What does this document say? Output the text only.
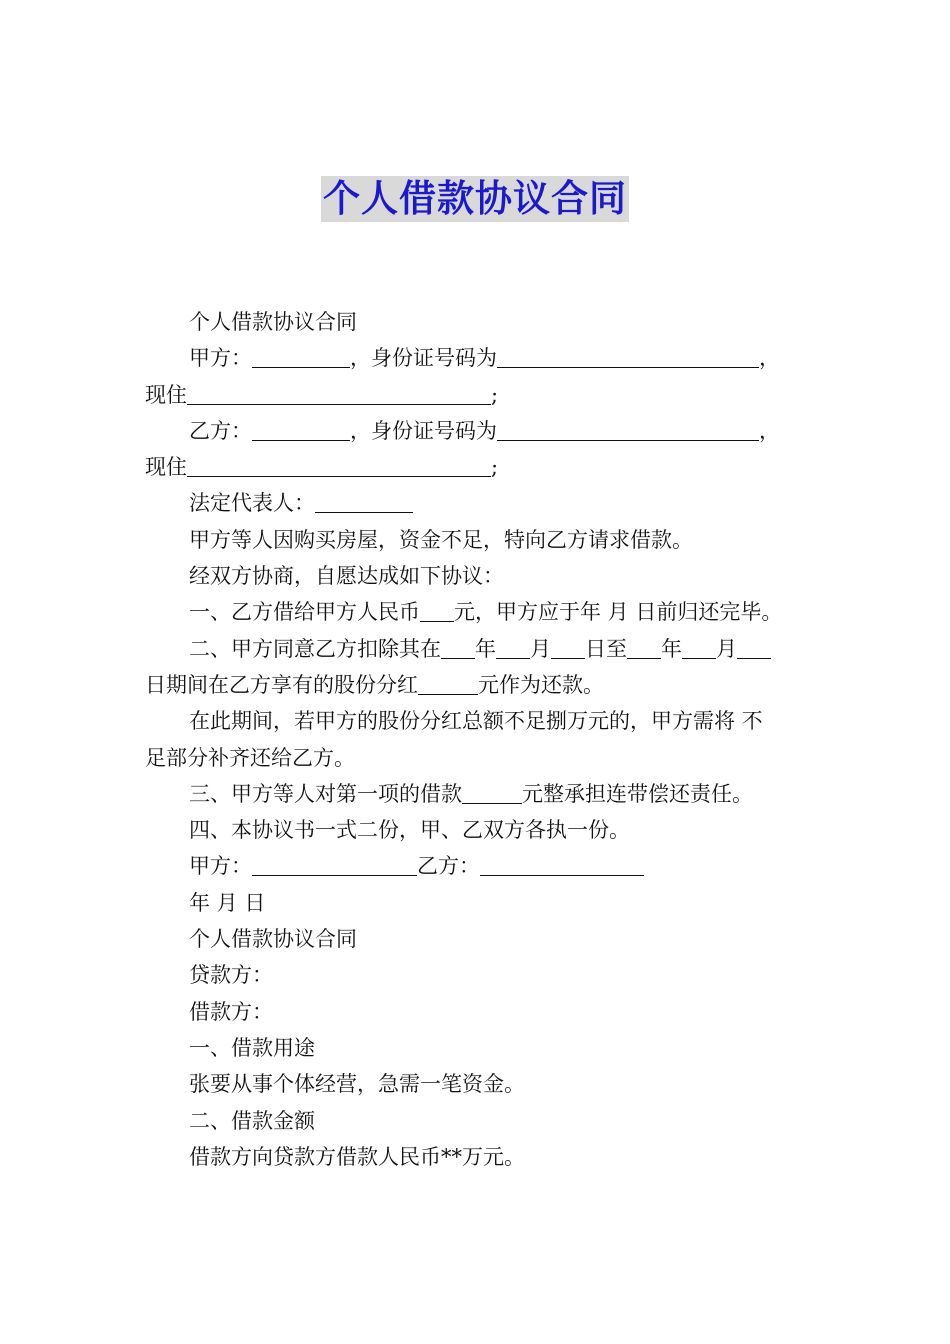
个人借款协议合同
个人借款协议合同
甲方：	，身份证号码为	，
现住	;
乙方：	，身份证号码为	，
现住	;
法定代表人：
甲方等人因购买房屋，资金不足，特向乙方请求借款。
经双方协商，自愿达成如下协议：
一、乙方借给甲方人民币 元，甲方应于年 月 日前归还完毕。
二、甲方同意乙方扣除其在 年 月 日至 年 月
日期间在乙方享有的股份分红	元作为还款。
在此期间，若甲方的股份分红总额不足捌万元的，甲方需将 不
足部分补齐还给乙方。
三、甲方等人对第一项的借款	元整承担连带偿还责任。
四、本协议书一式二份，甲、乙双方各执一份。
甲方：	乙方：
年 月 日
个人借款协议合同
贷款方：
借款方：
一、借款用途
张要从事个体经营，急需一笔资金。
二、借款金额
借款方向贷款方借款人民币**万元。
